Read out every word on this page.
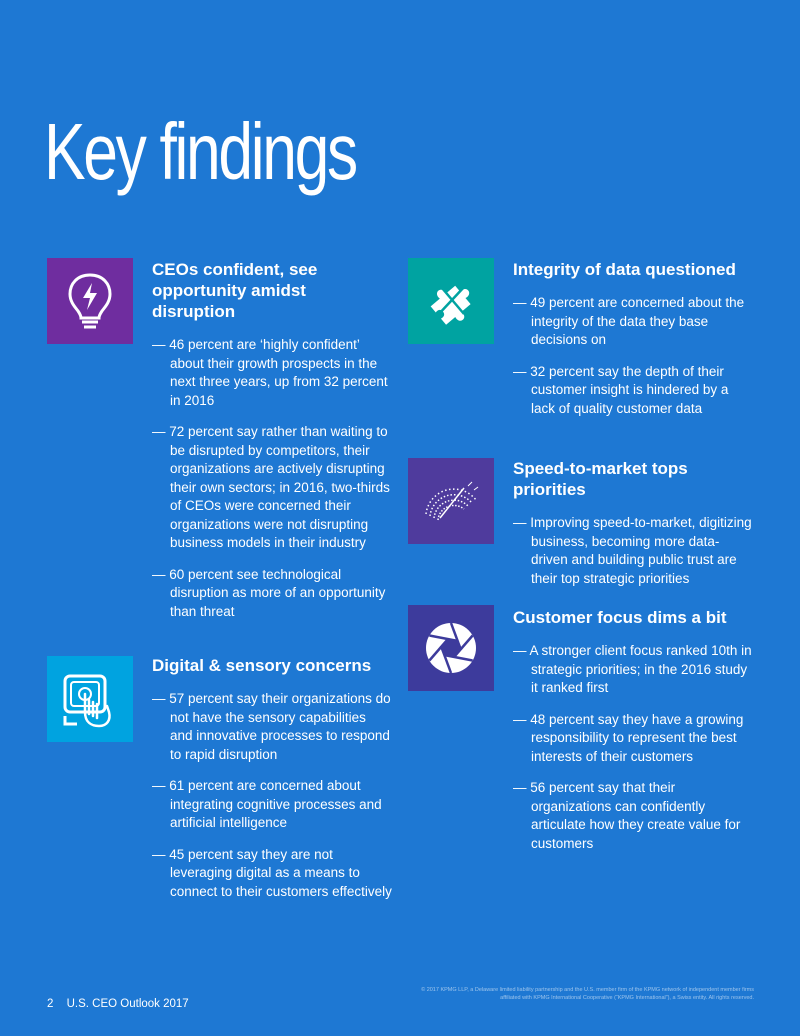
Key findings
CEOs confident, see opportunity amidst disruption

— 46 percent are ‘highly confident’ about their growth prospects in the next three years, up from 32 percent in 2016

— 72 percent say rather than waiting to be disrupted by competitors, their organizations are actively disrupting their own sectors; in 2016, two-thirds of CEOs were concerned their organizations were not disrupting business models in their industry

— 60 percent see technological disruption as more of an opportunity than threat

Digital & sensory concerns

— 57 percent say their organizations do not have the sensory capabilities and innovative processes to respond to rapid disruption

— 61 percent are concerned about integrating cognitive processes and artificial intelligence

— 45 percent say they are not leveraging digital as a means to connect to their customers effectively

Integrity of data questioned

— 49 percent are concerned about the integrity of the data they base decisions on

— 32 percent say the depth of their customer insight is hindered by a lack of quality customer data

Speed-to-market tops priorities

— Improving speed-to-market, digitizing business, becoming more data-driven and building public trust are their top strategic priorities

Customer focus dims a bit

— A stronger client focus ranked 10th in strategic priorities; in the 2016 study it ranked first

— 48 percent say they have a growing responsibility to represent the best interests of their customers

— 56 percent say that their organizations can confidently articulate how they create value for customers

2 U.S. CEO Outlook 2017
© 2017 KPMG LLP, a Delaware limited liability partnership and the U.S. member firm of the KPMG network of independent member firms affiliated with KPMG International Cooperative (“KPMG International”), a Swiss entity. All rights reserved.
